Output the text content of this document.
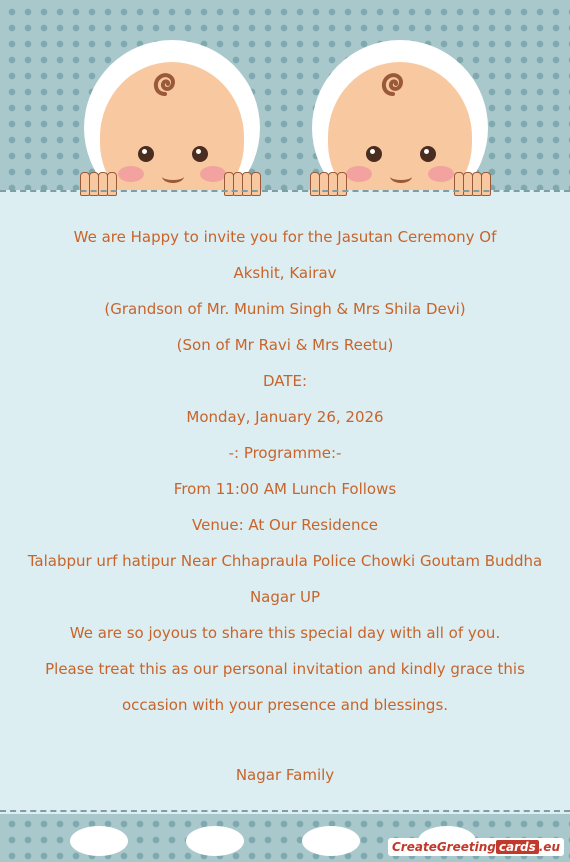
We are Happy to invite you for the Jasutan Ceremony Of
Akshit, Kairav
(Grandson of Mr. Munim Singh & Mrs Shila Devi)
(Son of Mr Ravi & Mrs Reetu)
DATE:
Monday, January 26, 2026
-: Programme:-
From 11:00 AM Lunch Follows
Venue: At Our Residence
Talabpur urf hatipur Near Chhapraula Police Chowki Goutam Buddha
Nagar UP
We are so joyous to share this special day with all of you.
Please treat this as our personal invitation and kindly grace this
occasion with your presence and blessings.
Nagar Family
CreateGreeting cards .eu
